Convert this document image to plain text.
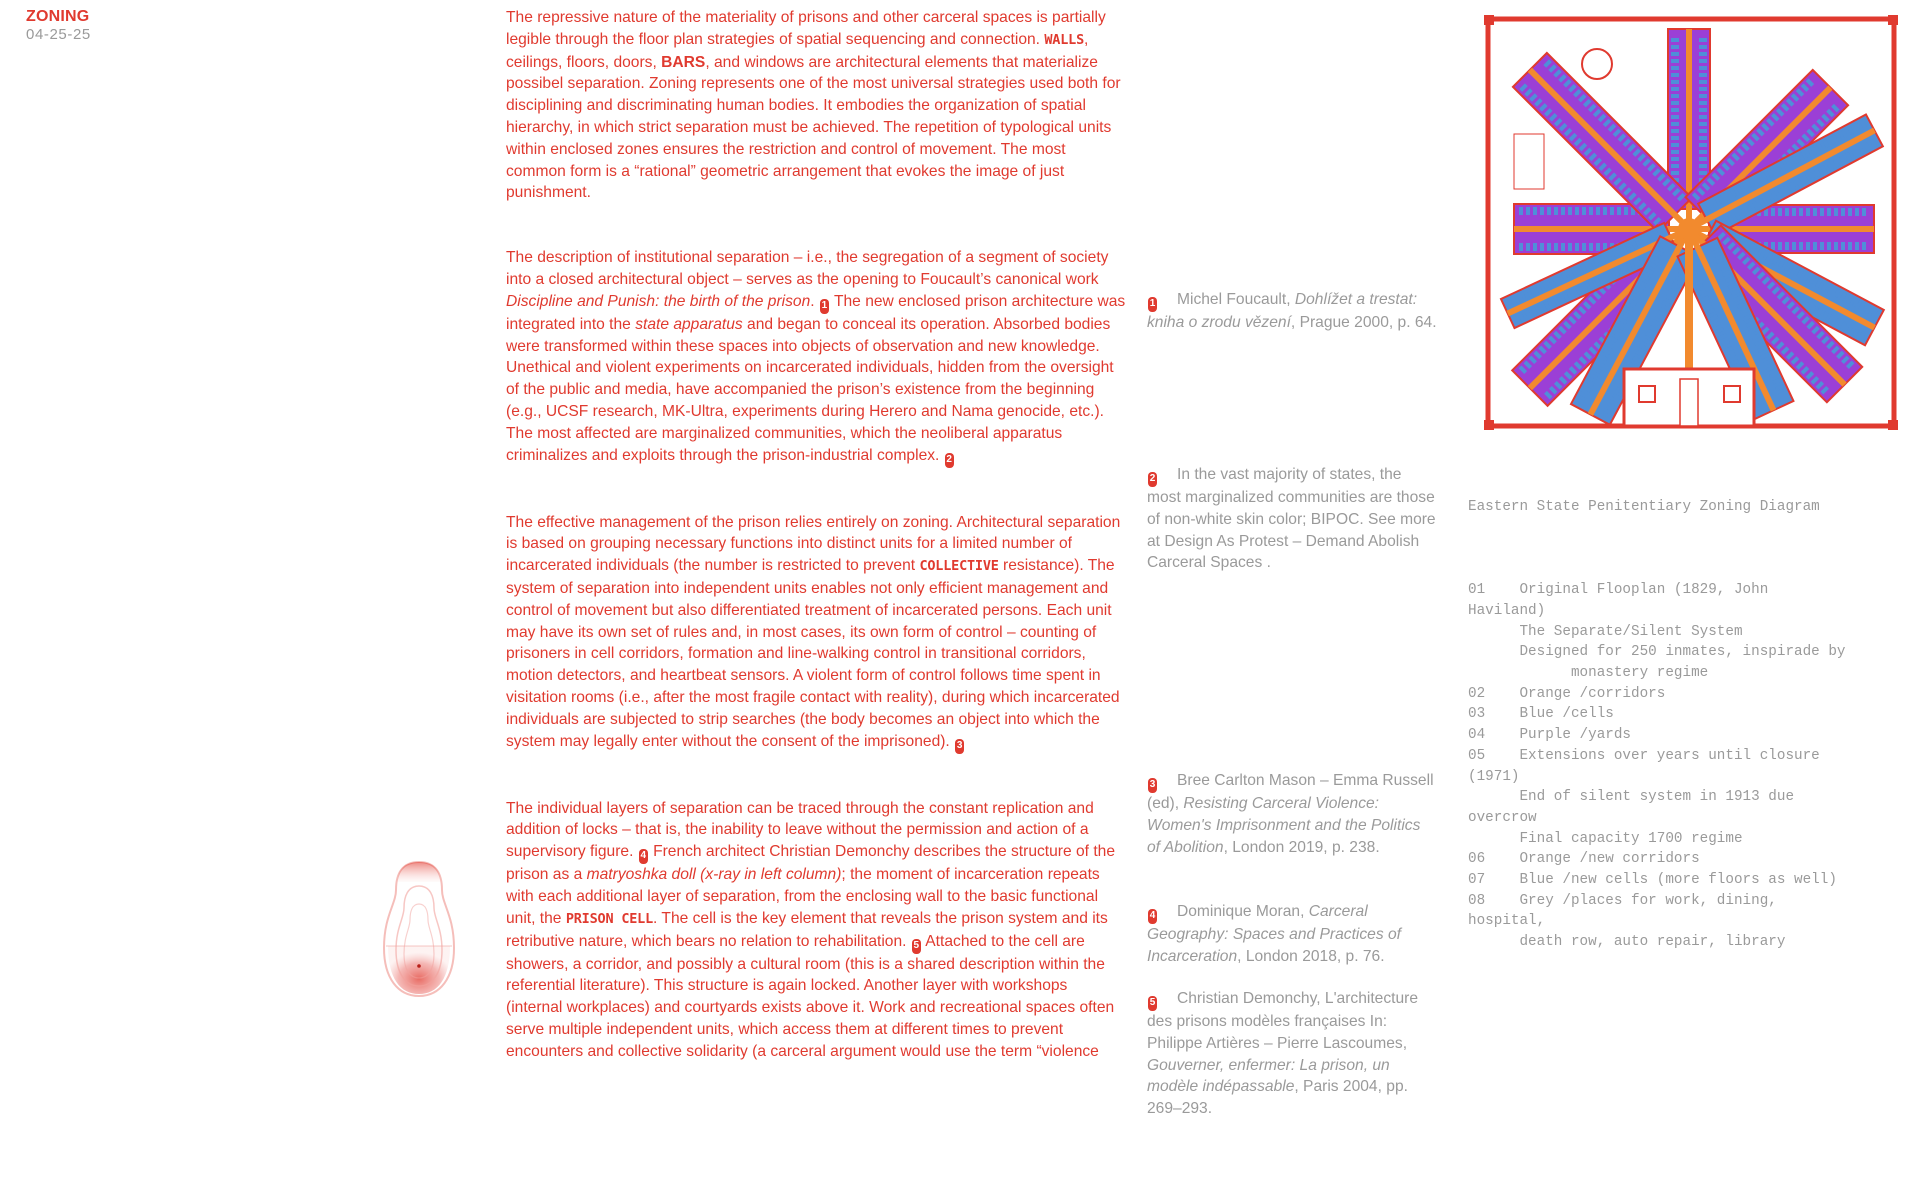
ZONING
04-25-25

The repressive nature of the materiality of prisons and other carceral spaces is partially legible through the floor plan strategies of spatial sequencing and connection. WALLS, ceilings, floors, doors, BARS, and windows are architectural elements that materialize possibel separation. Zoning represents one of the most universal strategies used both for disciplining and discriminating human bodies. It embodies the organization of spatial hierarchy, in which strict separation must be achieved. The repetition of typological units within enclosed zones ensures the restriction and control of movement. The most common form is a “rational” geometric arrangement that evokes the image of just punishment.

The description of institutional separation – i.e., the segregation of a segment of society into a closed architectural object – serves as the opening to Foucault’s canonical work Discipline and Punish: the birth of the prison. 1 The new enclosed prison architecture was integrated into the state apparatus and began to conceal its operation. Absorbed bodies were transformed within these spaces into objects of observation and new knowledge. Unethical and violent experiments on incarcerated individuals, hidden from the oversight of the public and media, have accompanied the prison’s existence from the beginning (e.g., UCSF research, MK-Ultra, experiments during Herero and Nama genocide, etc.). The most affected are marginalized communities, which the neoliberal apparatus criminalizes and exploits through the prison-industrial complex. 2

The effective management of the prison relies entirely on zoning. Architectural separation is based on grouping necessary functions into distinct units for a limited number of incarcerated individuals (the number is restricted to prevent COLLECTIVE resistance). The system of separation into independent units enables not only efficient management and control of movement but also differentiated treatment of incarcerated persons. Each unit may have its own set of rules and, in most cases, its own form of control – counting of prisoners in cell corridors, formation and line-walking control in transitional corridors, motion detectors, and heartbeat sensors. A violent form of control follows time spent in visitation rooms (i.e., after the most fragile contact with reality), during which incarcerated individuals are subjected to strip searches (the body becomes an object into which the system may legally enter without the consent of the imprisoned). 3

The individual layers of separation can be traced through the constant replication and addition of locks – that is, the inability to leave without the permission and action of a supervisory figure. 4 French architect Christian Demonchy describes the structure of the prison as a matryoshka doll (x-ray in left column); the moment of incarceration repeats with each additional layer of separation, from the enclosing wall to the basic functional unit, the PRISON CELL. The cell is the key element that reveals the prison system and its retributive nature, which bears no relation to rehabilitation. 5 Attached to the cell are showers, a corridor, and possibly a cultural room (this is a shared description within the referential literature). This structure is again locked. Another layer with workshops (internal workplaces) and courtyards exists above it. Work and recreational spaces often serve multiple independent units, which access them at different times to prevent encounters and collective solidarity (a carceral argument would use the term “violence

1 Michel Foucault, Dohlížet a trestat: kniha o zrodu vězení, Prague 2000, p. 64.
2 In the vast majority of states, the most marginalized communities are those of non-white skin color; BIPOC. See more at Design As Protest – Demand Abolish Carceral Spaces .
3 Bree Carlton Mason – Emma Russell (ed), Resisting Carceral Violence: Women's Imprisonment and the Politics of Abolition, London 2019, p. 238.
4 Dominique Moran, Carceral Geography: Spaces and Practices of Incarceration, London 2018, p. 76.
5 Christian Demonchy, L'architecture des prisons modèles françaises In: Philippe Artières – Pierre Lascoumes, Gouverner, enfermer: La prison, un modèle indépassable, Paris 2004, pp. 269–293.

Eastern State Penitentiary Zoning Diagram

01    Original Flooplan (1829, John
Haviland)
The Separate/Silent System
Designed for 250 inmates, inspirade by
monastery regime
02    Orange /corridors
03    Blue /cells
04    Purple /yards
05    Extensions over years until closure
(1971)
End of silent system in 1913 due
overcrow
Final capacity 1700 regime
06    Orange /new corridors
07    Blue /new cells (more floors as well)
08    Grey /places for work, dining,
hospital,
death row, auto repair, library
